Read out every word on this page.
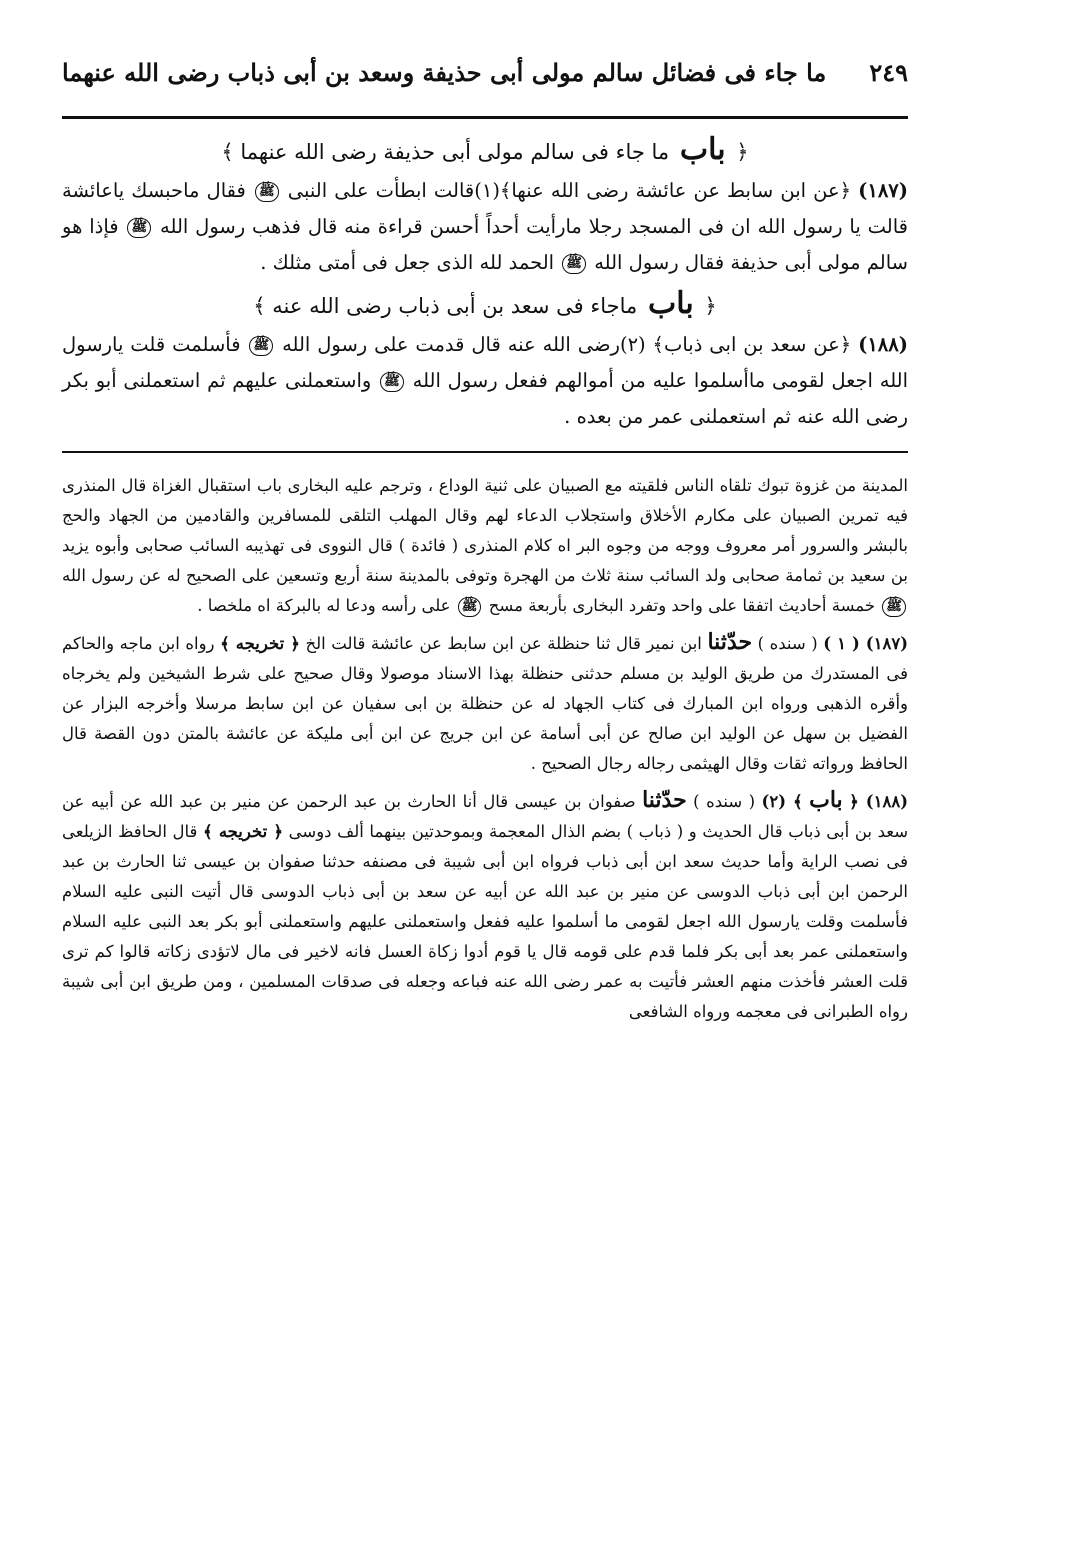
٢٤٩
ما جاء فى فضائل سالم مولى أبى حذيفة وسعد بن أبى ذباب رضى الله عنهما
﴿ باب ما جاء فى سالم مولى أبى حذيفة رضى الله عنهما ﴾

(١٨٧) ﴿عن ابن سابط عن عائشة رضى الله عنها﴾(١)قالت ابطأت على النبى ﷺ فقال ماحبسك ياعائشة قالت يا رسول الله ان فى المسجد رجلا مارأيت أحداً أحسن قراءة منه قال فذهب رسول الله ﷺ فإذا هو سالم مولى أبى حذيفة فقال رسول الله ﷺ الحمد لله الذى جعل فى أمتى مثلك .

﴿ باب ماجاء فى سعد بن أبى ذباب رضى الله عنه ﴾

(١٨٨) ﴿عن سعد بن ابى ذباب﴾ (٢)رضى الله عنه قال قدمت على رسول الله ﷺ فأسلمت قلت يارسول الله اجعل لقومى ماأسلموا عليه من أموالهم ففعل رسول الله ﷺ واستعملنى عليهم ثم استعملنى أبو بكر رضى الله عنه ثم استعملنى عمر من بعده .

المدينة من غزوة تبوك تلقاه الناس فلقيته مع الصبيان على ثنية الوداع ، وترجم عليه البخارى باب استقبال الغزاة قال المنذرى فيه تمرين الصبيان على مكارم الأخلاق واستجلاب الدعاء لهم وقال المهلب التلقى للمسافرين والقادمين من الجهاد والحج بالبشر والسرور أمر معروف ووجه من وجوه البر اه كلام المنذرى ( فائدة ) قال النووى فى تهذيبه السائب صحابى وأبوه يزيد بن سعيد بن ثمامة صحابى ولد السائب سنة ثلاث من الهجرة وتوفى بالمدينة سنة أربع وتسعين على الصحيح له عن رسول الله ﷺ خمسة أحاديث اتفقا على واحد وتفرد البخارى بأربعة مسح ﷺ على رأسه ودعا له بالبركة اه ملخصا .

(١٨٧) ( ١ ) ( سنده ) حدّثنا ابن نمير قال ثنا حنظلة عن ابن سابط عن عائشة قالت الخ ﴿ تخريجه ﴾ رواه ابن ماجه والحاكم فى المستدرك من طريق الوليد بن مسلم حدثنى حنظلة بهذا الاسناد موصولا وقال صحيح على شرط الشيخين ولم يخرجاه وأقره الذهبى ورواه ابن المبارك فى كتاب الجهاد له عن حنظلة بن ابى سفيان عن ابن سابط مرسلا وأخرجه البزار عن الفضيل بن سهل عن الوليد ابن صالح عن أبى أسامة عن ابن جريج عن ابن أبى مليكة عن عائشة بالمتن دون القصة قال الحافظ ورواته ثقات وقال الهيثمى رجاله رجال الصحيح .

(١٨٨) ﴿ باب ﴾ (٢) ( سنده ) حدّثنا صفوان بن عيسى قال أنا الحارث بن عبد الرحمن عن منير بن عبد الله عن أبيه عن سعد بن أبى ذباب قال الحديث و ( ذباب ) بضم الذال المعجمة وبموحدتين بينهما ألف دوسى ﴿ تخريجه ﴾ قال الحافظ الزيلعى فى نصب الراية وأما حديث سعد ابن أبى ذباب فرواه ابن أبى شيبة فى مصنفه حدثنا صفوان بن عيسى ثنا الحارث بن عبد الرحمن ابن أبى ذباب الدوسى عن منير بن عبد الله عن أبيه عن سعد بن أبى ذباب الدوسى قال أتيت النبى عليه السلام فأسلمت وقلت يارسول الله اجعل لقومى ما أسلموا عليه ففعل واستعملنى عليهم واستعملنى أبو بكر بعد النبى عليه السلام واستعملنى عمر بعد أبى بكر فلما قدم على قومه قال يا قوم أدوا زكاة العسل فانه لاخير فى مال لاتؤدى زكاته قالوا كم ترى قلت العشر فأخذت منهم العشر فأتيت به عمر رضى الله عنه فباعه وجعله فى صدقات المسلمين ، ومن طريق ابن أبى شيبة رواه الطبرانى فى معجمه ورواه الشافعى
